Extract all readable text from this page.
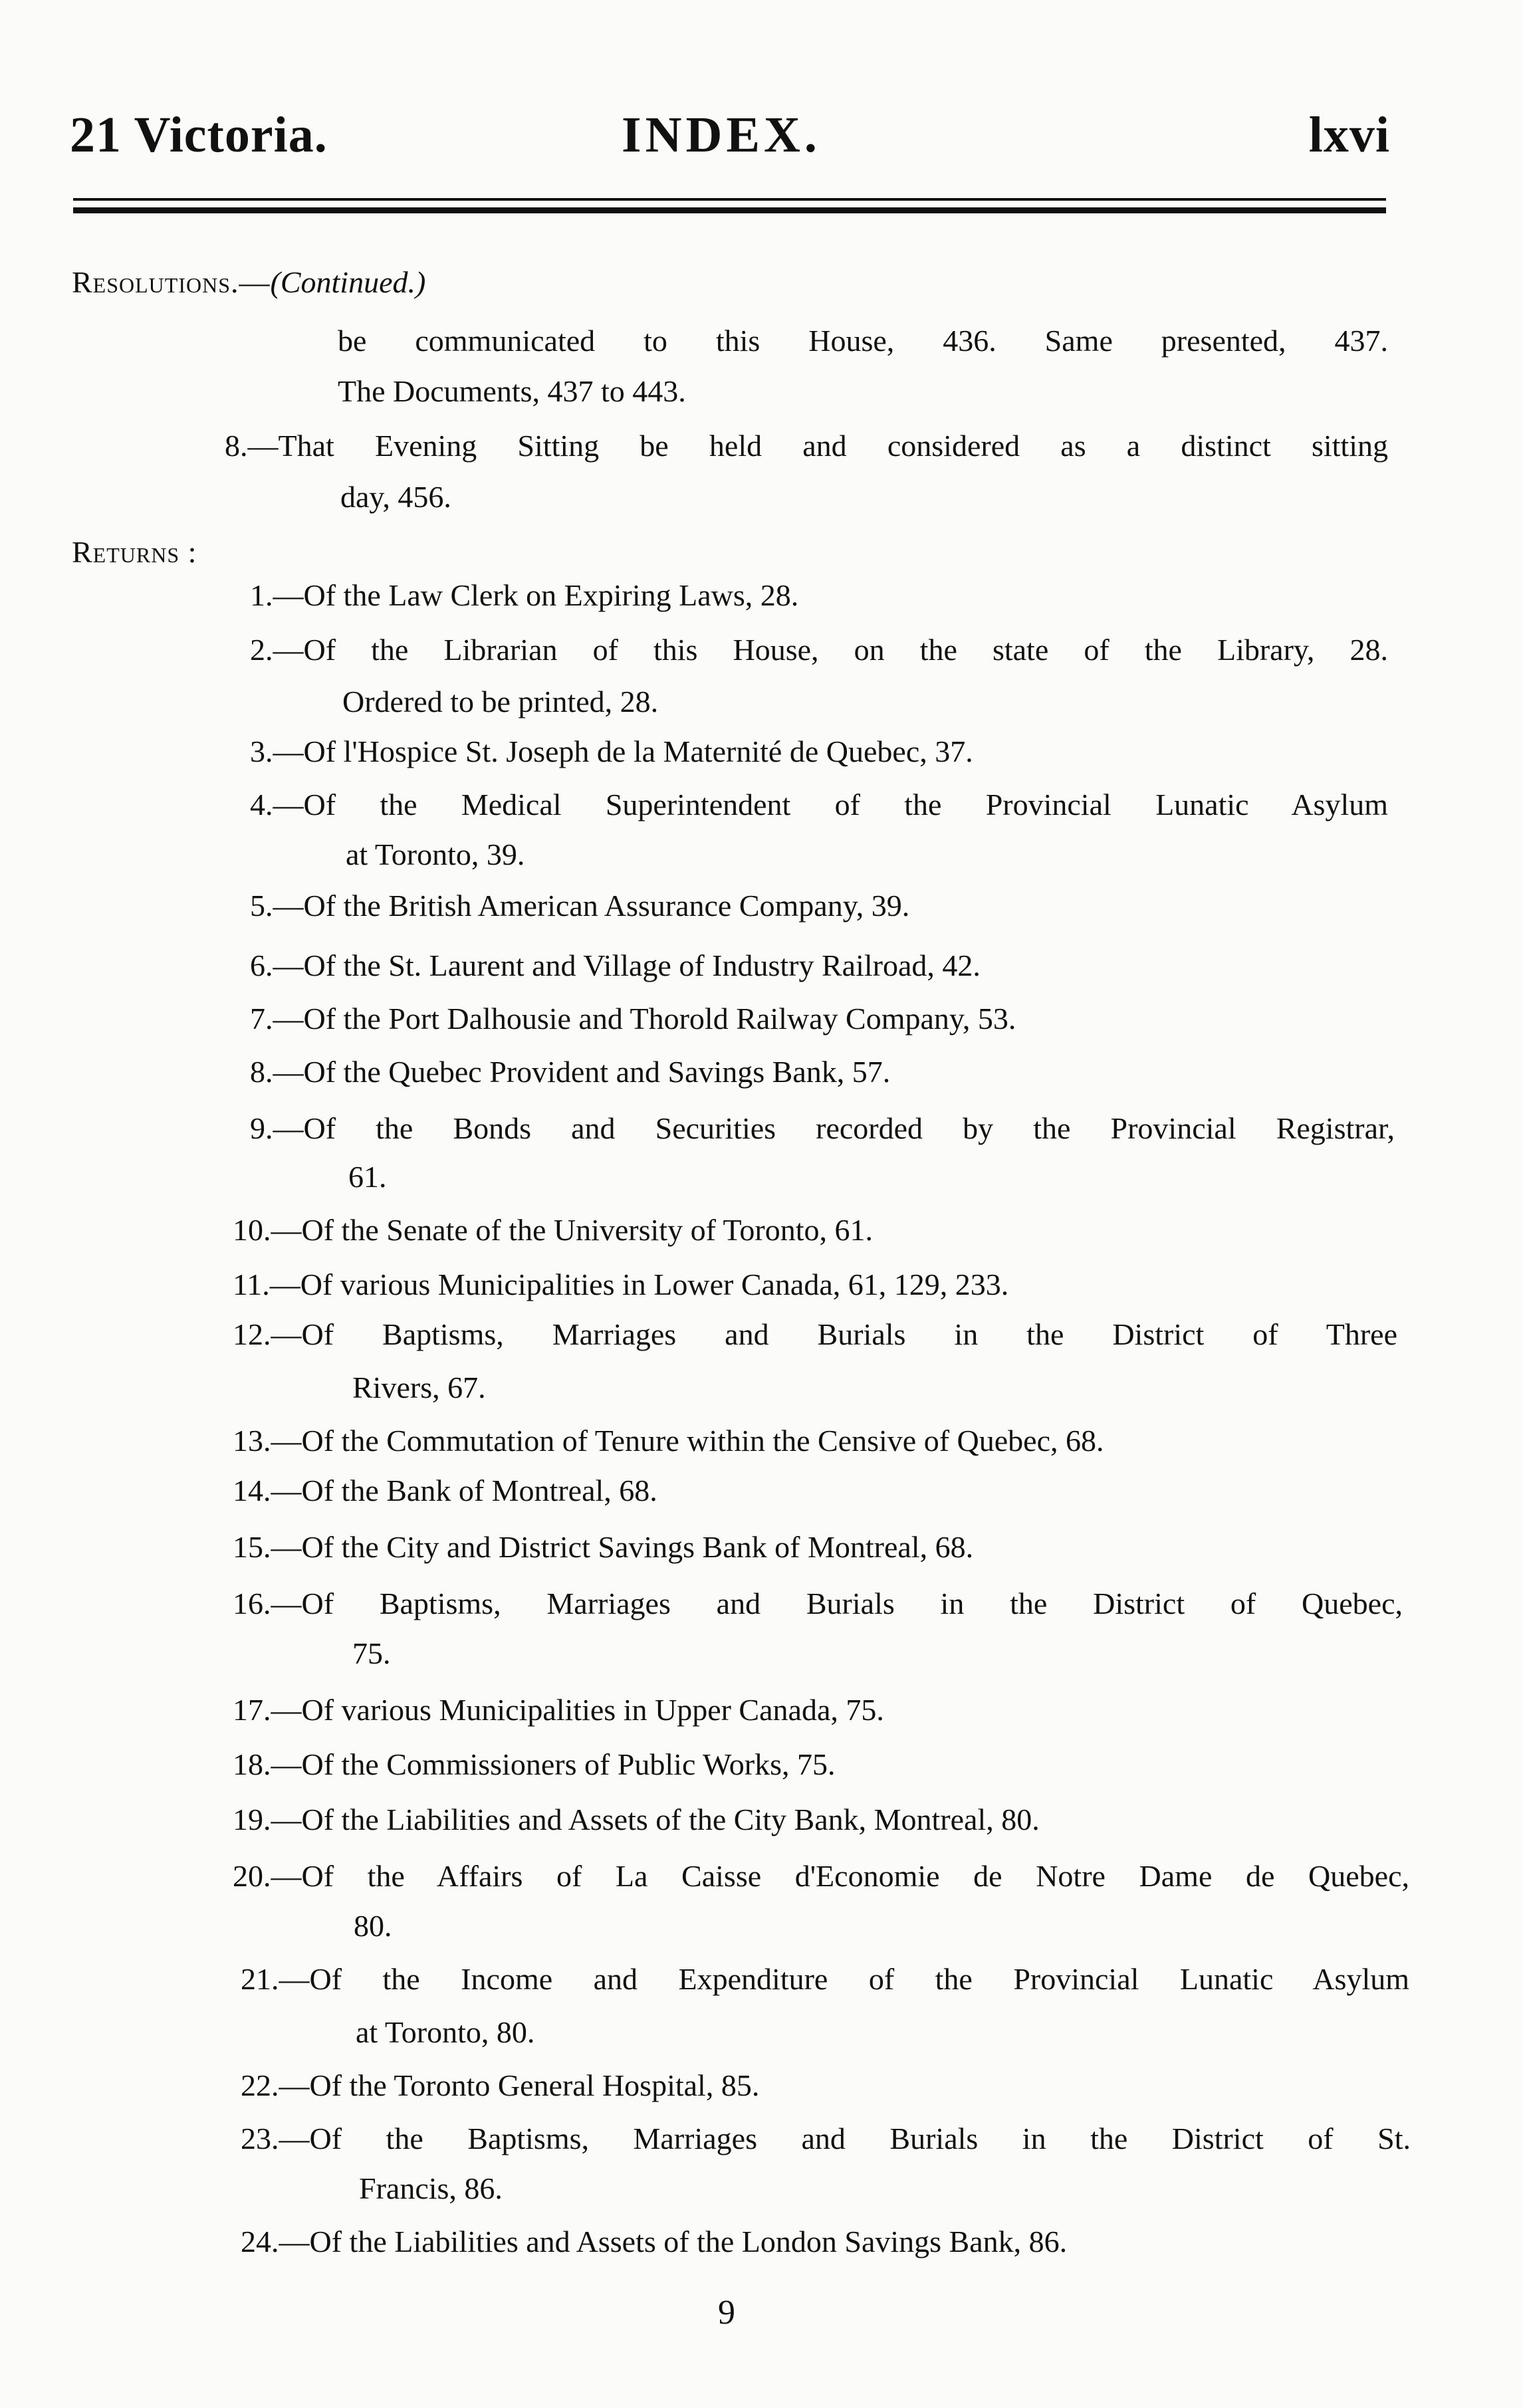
21 Victoria.	INDEX.	lxvi
Resolutions.—(Continued.)
be communicated to this House, 436. Same presented, 437.
The Documents, 437 to 443.
8.—That Evening Sitting be held and considered as a distinct sitting
day, 456.
Returns :
1.—Of the Law Clerk on Expiring Laws, 28.
2.—Of the Librarian of this House, on the state of the Library, 28.
Ordered to be printed, 28.
3.—Of l'Hospice St. Joseph de la Maternité de Quebec, 37.
4.—Of the Medical Superintendent of the Provincial Lunatic Asylum
at Toronto, 39.
5.—Of the British American Assurance Company, 39.
6.—Of the St. Laurent and Village of Industry Railroad, 42.
7.—Of the Port Dalhousie and Thorold Railway Company, 53.
8.—Of the Quebec Provident and Savings Bank, 57.
9.—Of the Bonds and Securities recorded by the Provincial Registrar,
61.
10.—Of the Senate of the University of Toronto, 61.
11.—Of various Municipalities in Lower Canada, 61, 129, 233.
12.—Of Baptisms, Marriages and Burials in the District of Three
Rivers, 67.
13.—Of the Commutation of Tenure within the Censive of Quebec, 68.
14.—Of the Bank of Montreal, 68.
15.—Of the City and District Savings Bank of Montreal, 68.
16.—Of Baptisms, Marriages and Burials in the District of Quebec,
75.
17.—Of various Municipalities in Upper Canada, 75.
18.—Of the Commissioners of Public Works, 75.
19.—Of the Liabilities and Assets of the City Bank, Montreal, 80.
20.—Of the Affairs of La Caisse d'Economie de Notre Dame de Quebec,
80.
21.—Of the Income and Expenditure of the Provincial Lunatic Asylum
at Toronto, 80.
22.—Of the Toronto General Hospital, 85.
23.—Of the Baptisms, Marriages and Burials in the District of St.
Francis, 86.
24.—Of the Liabilities and Assets of the London Savings Bank, 86.
9
